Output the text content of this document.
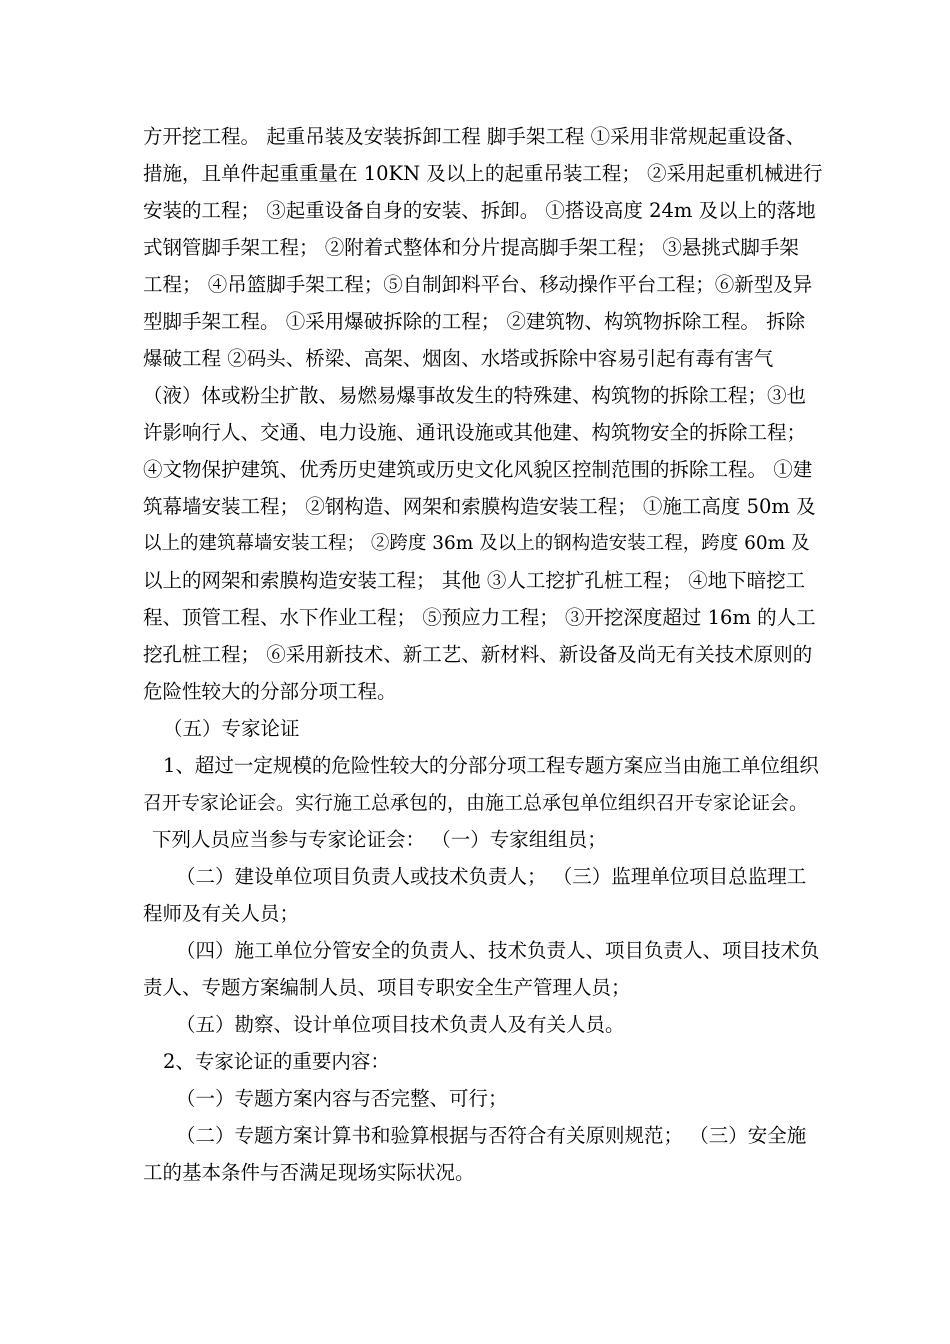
方开挖工程。 起重吊装及安装拆卸工程 脚手架工程 ①采用非常规起重设备、
措施，且单件起重重量在 10KN 及以上的起重吊装工程； ②采用起重机械进行
安装的工程； ③起重设备自身的安装、拆卸。 ①搭设高度 24m 及以上的落地
式钢管脚手架工程； ②附着式整体和分片提高脚手架工程； ③悬挑式脚手架
工程； ④吊篮脚手架工程；⑤自制卸料平台、移动操作平台工程；⑥新型及异
型脚手架工程。 ①采用爆破拆除的工程； ②建筑物、构筑物拆除工程。 拆除
爆破工程 ②码头、桥梁、高架、烟囱、水塔或拆除中容易引起有毒有害气
（液）体或粉尘扩散、易燃易爆事故发生的特殊建、构筑物的拆除工程；③也
许影响行人、交通、电力设施、通讯设施或其他建、构筑物安全的拆除工程；
④文物保护建筑、优秀历史建筑或历史文化风貌区控制范围的拆除工程。 ①建
筑幕墙安装工程； ②钢构造、网架和索膜构造安装工程； ①施工高度 50m 及
以上的建筑幕墙安装工程； ②跨度 36m 及以上的钢构造安装工程，跨度 60m 及
以上的网架和索膜构造安装工程； 其他 ③人工挖扩孔桩工程； ④地下暗挖工
程、顶管工程、水下作业工程； ⑤预应力工程； ③开挖深度超过 16m 的人工
挖孔桩工程； ⑥采用新技术、新工艺、新材料、新设备及尚无有关技术原则的
危险性较大的分部分项工程。
（五）专家论证
1、超过一定规模的危险性较大的分部分项工程专题方案应当由施工单位组织
召开专家论证会。实行施工总承包的，由施工总承包单位组织召开专家论证会。
下列人员应当参与专家论证会： （一）专家组组员；
（二）建设单位项目负责人或技术负责人； （三）监理单位项目总监理工
程师及有关人员；
（四）施工单位分管安全的负责人、技术负责人、项目负责人、项目技术负
责人、专题方案编制人员、项目专职安全生产管理人员；
（五）勘察、设计单位项目技术负责人及有关人员。
2、专家论证的重要内容：
（一）专题方案内容与否完整、可行；
（二）专题方案计算书和验算根据与否符合有关原则规范； （三）安全施
工的基本条件与否满足现场实际状况。
